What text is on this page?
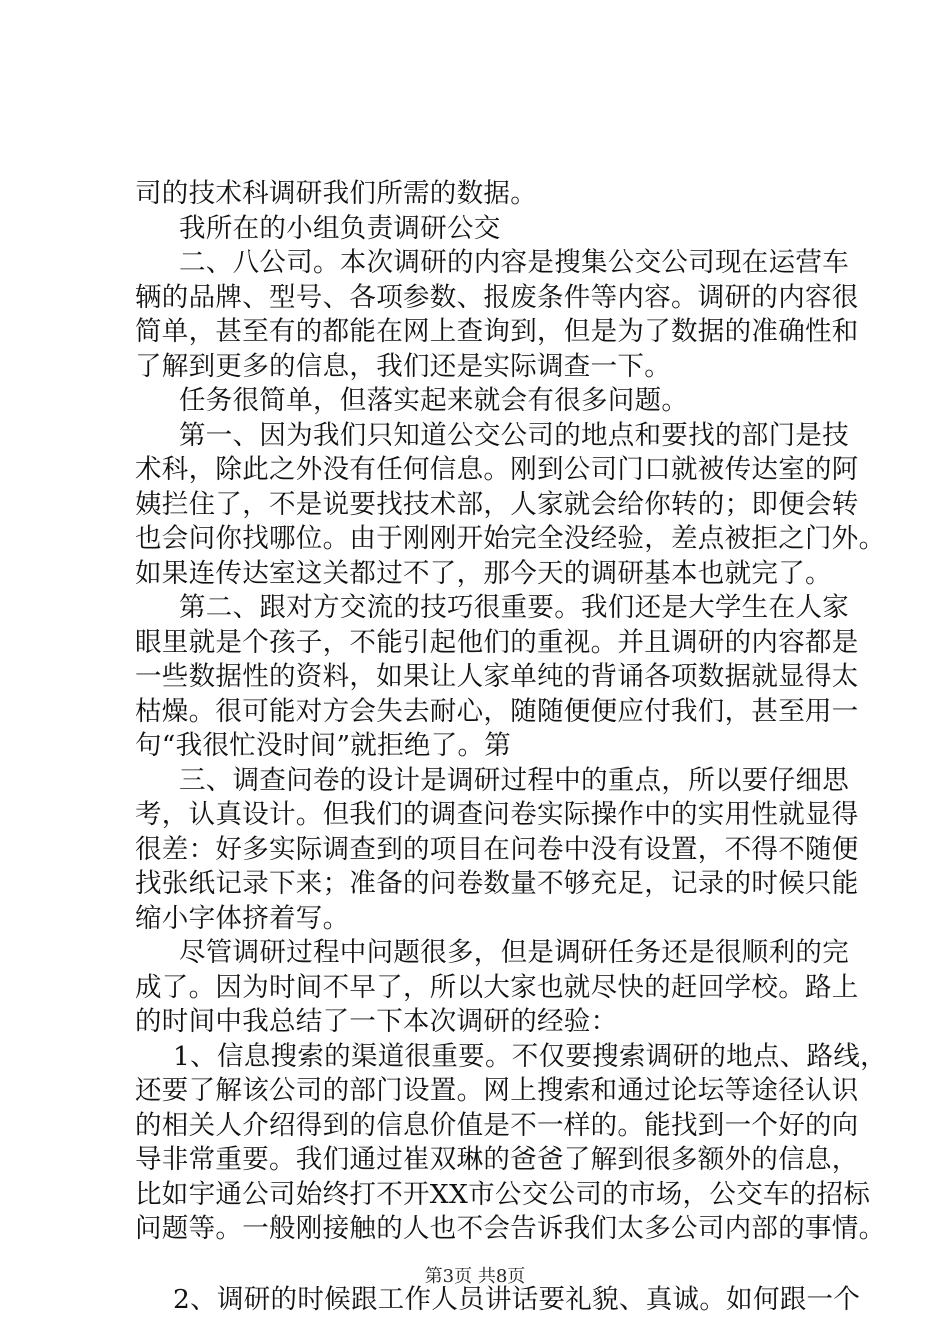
司的技术科调研我们所需的数据。
我所在的小组负责调研公交
二、八公司。本次调研的内容是搜集公交公司现在运营车
辆的品牌、型号、各项参数、报废条件等内容。调研的内容很
简单，甚至有的都能在网上查询到，但是为了数据的准确性和
了解到更多的信息，我们还是实际调查一下。
任务很简单，但落实起来就会有很多问题。
第一、因为我们只知道公交公司的地点和要找的部门是技
术科，除此之外没有任何信息。刚到公司门口就被传达室的阿
姨拦住了，不是说要找技术部，人家就会给你转的；即便会转
也会问你找哪位。由于刚刚开始完全没经验，差点被拒之门外。
如果连传达室这关都过不了，那今天的调研基本也就完了。
第二、跟对方交流的技巧很重要。我们还是大学生在人家
眼里就是个孩子，不能引起他们的重视。并且调研的内容都是
一些数据性的资料，如果让人家单纯的背诵各项数据就显得太
枯燥。很可能对方会失去耐心，随随便便应付我们，甚至用一
句“我很忙没时间”就拒绝了。第
三、调查问卷的设计是调研过程中的重点，所以要仔细思
考，认真设计。但我们的调查问卷实际操作中的实用性就显得
很差：好多实际调查到的项目在问卷中没有设置，不得不随便
找张纸记录下来；准备的问卷数量不够充足，记录的时候只能
缩小字体挤着写。
尽管调研过程中问题很多，但是调研任务还是很顺利的完
成了。因为时间不早了，所以大家也就尽快的赶回学校。路上
的时间中我总结了一下本次调研的经验：
1、信息搜索的渠道很重要。不仅要搜索调研的地点、路线，
还要了解该公司的部门设置。网上搜索和通过论坛等途径认识
的相关人介绍得到的信息价值是不一样的。能找到一个好的向
导非常重要。我们通过崔双琳的爸爸了解到很多额外的信息，
比如宇通公司始终打不开XX市公交公司的市场，公交车的招标
问题等。一般刚接触的人也不会告诉我们太多公司内部的事情。
2、调研的时候跟工作人员讲话要礼貌、真诚。如何跟一个
第3页 共8页
